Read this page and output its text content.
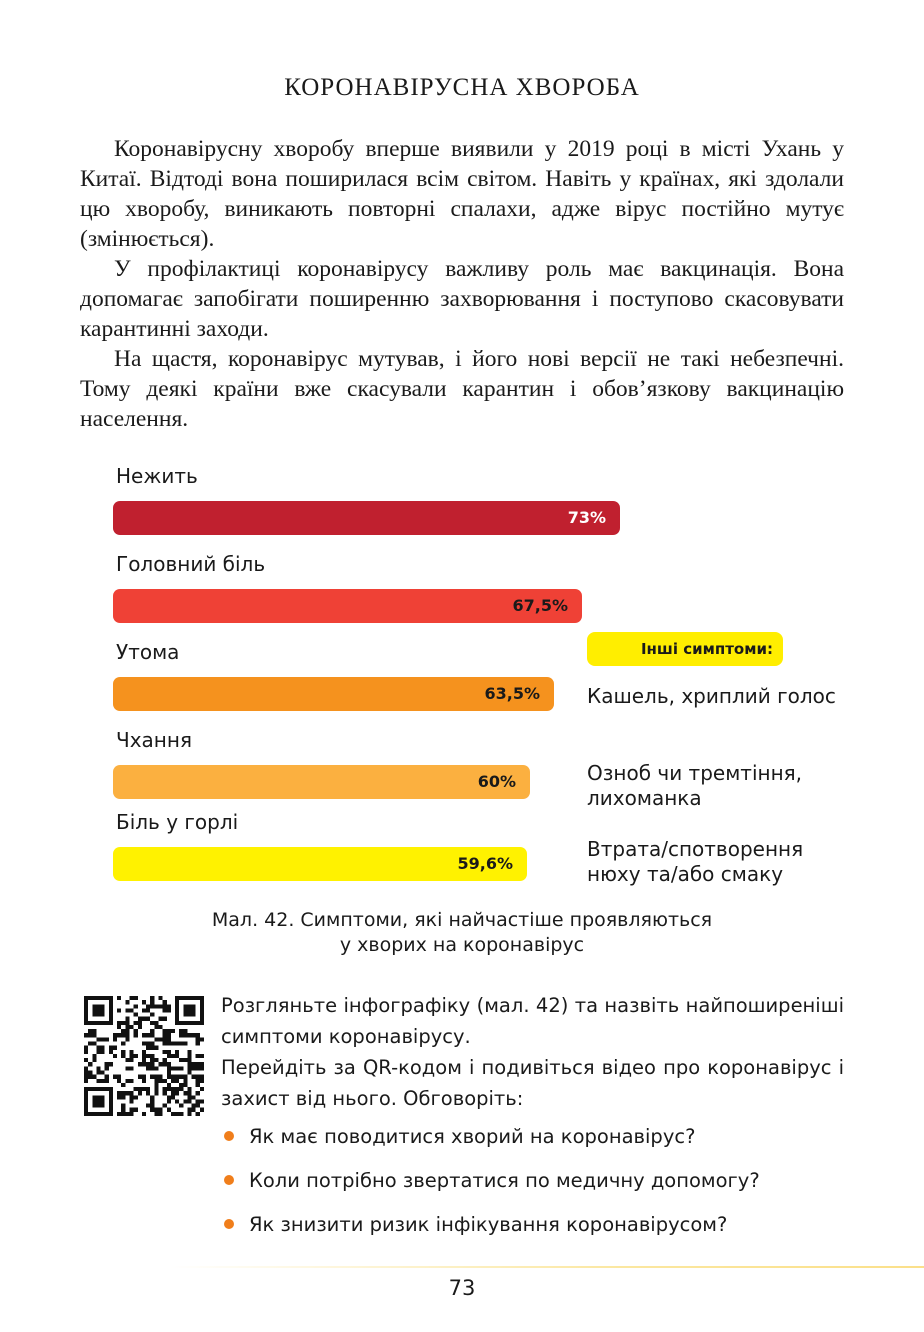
КОРОНАВІРУСНА ХВОРОБА

Коронавірусну хворобу вперше виявили у 2019 році в місті Ухань у Китаї. Відтоді вона поширилася всім світом. Навіть у країнах, які здолали цю хворобу, виникають повторні спалахи, адже вірус постійно мутує (змінюється).

У профілактиці коронавірусу важливу роль має вакцинація. Вона допомагає запобігати поширенню захворювання і поступово скасовувати карантинні заходи.

На щастя, коронавірус мутував, і його нові версії не такі небезпечні. Тому деякі країни вже скасували карантин і обов’язкову вакцинацію населення.

Нежить
73%
Головний біль
67,5%
Утома
63,5%
Чхання
60%
Біль у горлі
59,6%
Інші симптоми:
Кашель, хриплий голос
Озноб чи тремтіння, лихоманка
Втрата/спотворення нюху та/або смаку
Мал. 42. Симптоми, які найчастіше проявляються
у хворих на коронавірус

Розгляньте інфографіку (мал. 42) та назвіть найпоширеніші симптоми коронавірусу.

Перейдіть за QR-кодом і подивіться відео про коронавірус і захист від нього. Обговоріть:

Як має поводитися хворий на коронавірус?
Коли потрібно звертатися по медичну допомогу?
Як знизити ризик інфікування коронавірусом?
73
